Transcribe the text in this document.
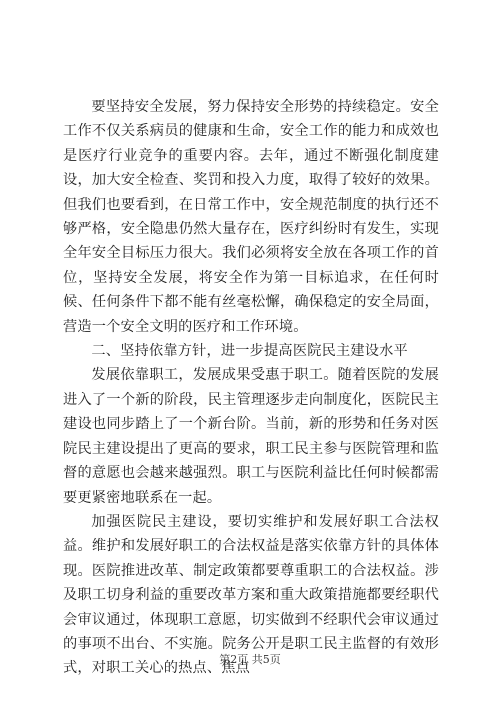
要坚持安全发展，努力保持安全形势的持续稳定。安全工作不仅关系病员的健康和生命，安全工作的能力和成效也是医疗行业竞争的重要内容。去年，通过不断强化制度建设，加大安全检查、奖罚和投入力度，取得了较好的效果。但我们也要看到，在日常工作中，安全规范制度的执行还不够严格，安全隐患仍然大量存在，医疗纠纷时有发生，实现全年安全目标压力很大。我们必须将安全放在各项工作的首位，坚持安全发展，将安全作为第一目标追求，在任何时候、任何条件下都不能有丝毫松懈，确保稳定的安全局面，营造一个安全文明的医疗和工作环境。

二、坚持依靠方针，进一步提高医院民主建设水平

发展依靠职工，发展成果受惠于职工。随着医院的发展进入了一个新的阶段，民主管理逐步走向制度化，医院民主建设也同步踏上了一个新台阶。当前，新的形势和任务对医院民主建设提出了更高的要求，职工民主参与医院管理和监督的意愿也会越来越强烈。职工与医院利益比任何时候都需要更紧密地联系在一起。

加强医院民主建设，要切实维护和发展好职工合法权益。维护和发展好职工的合法权益是落实依靠方针的具体体现。医院推进改革、制定政策都要尊重职工的合法权益。涉及职工切身利益的重要改革方案和重大政策措施都要经职代会审议通过，体现职工意愿，切实做到不经职代会审议通过的事项不出台、不实施。院务公开是职工民主监督的有效形式，对职工关心的热点、焦点

第2页 共5页
